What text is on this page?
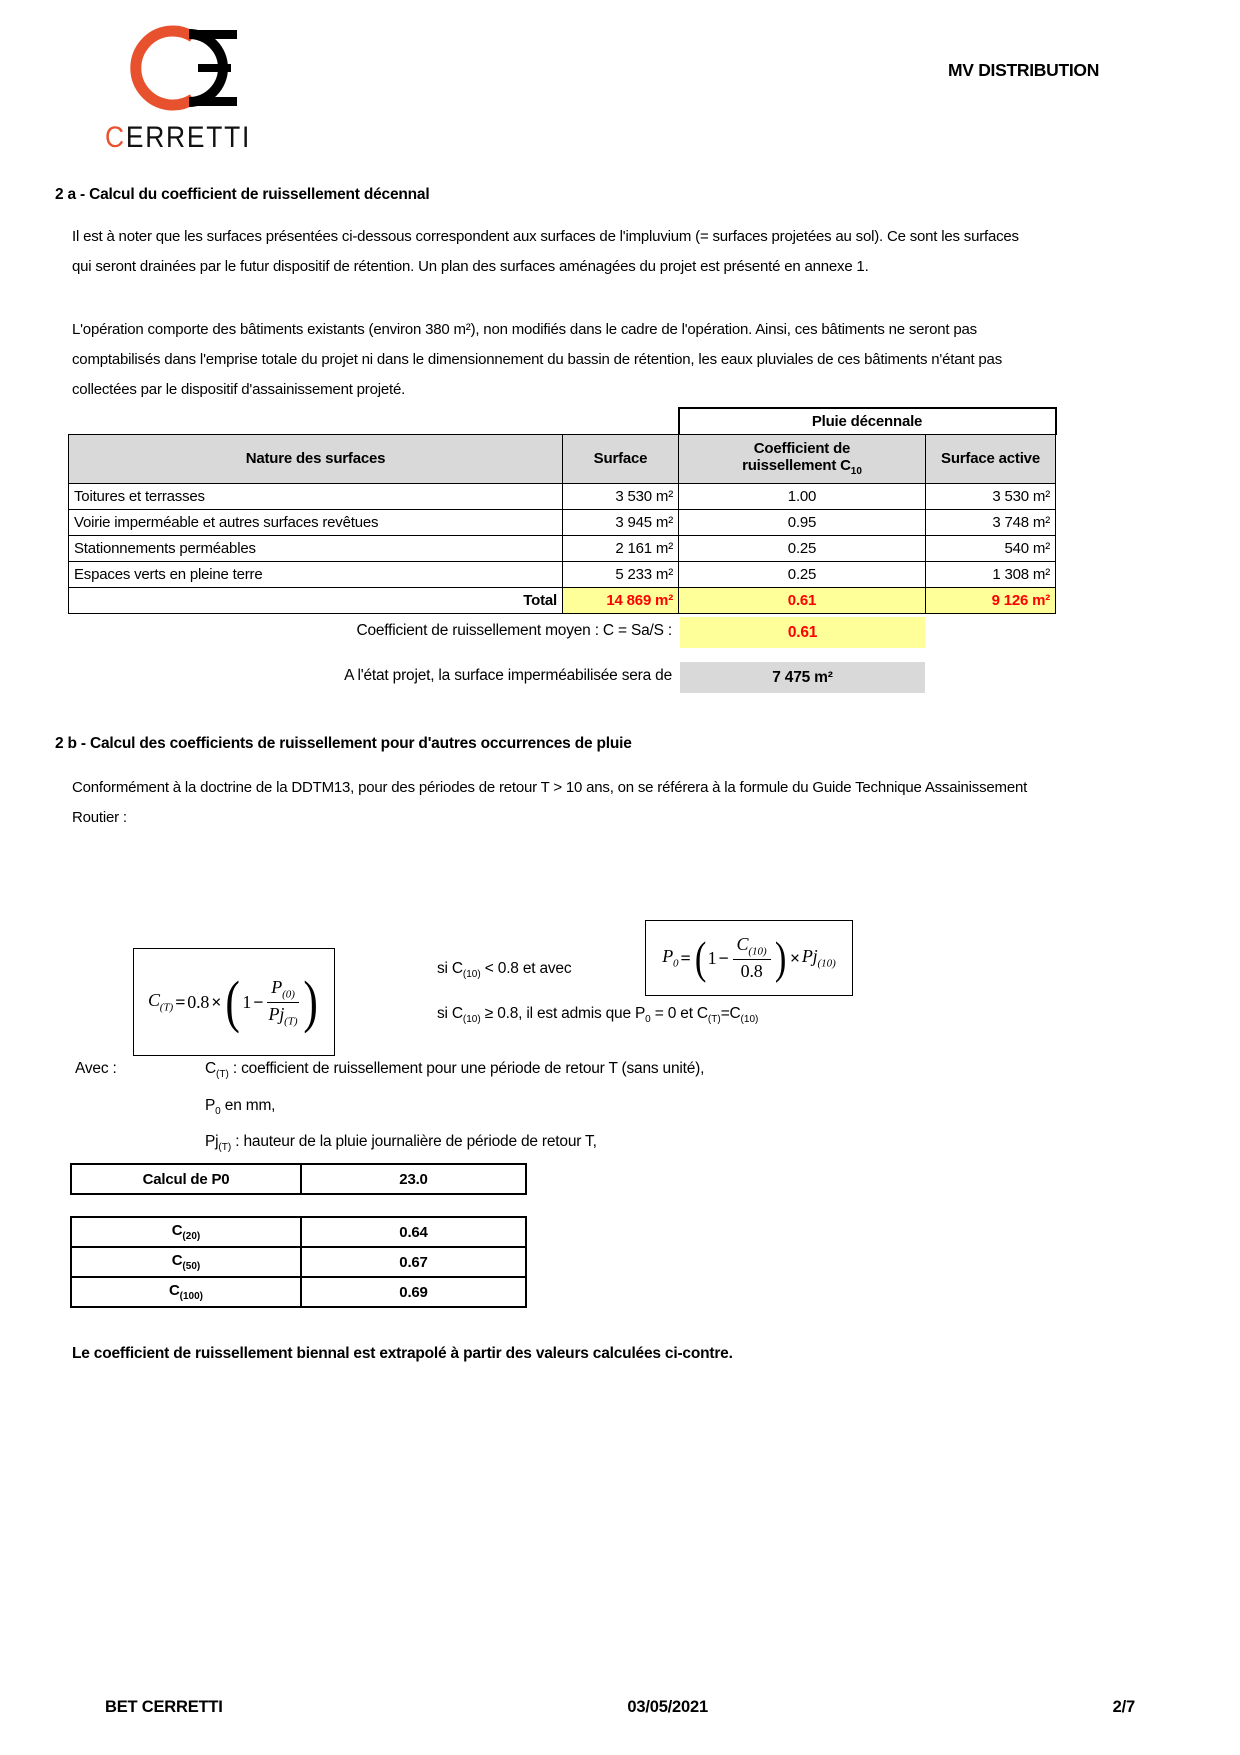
CERRETTI
MV DISTRIBUTION
2 a - Calcul du coefficient de ruissellement décennal
Il est à noter que les surfaces présentées ci-dessous correspondent aux surfaces de l'impluvium (= surfaces projetées au sol). Ce sont les surfaces qui seront drainées par le futur dispositif de rétention. Un plan des surfaces aménagées du projet est présenté en annexe 1.
L'opération comporte des bâtiments existants (environ 380 m²), non modifiés dans le cadre de l'opération. Ainsi, ces bâtiments ne seront pas comptabilisés dans l'emprise totale du projet ni dans le dimensionnement du bassin de rétention, les eaux pluviales de ces bâtiments n'étant pas collectées par le dispositif d'assainissement projeté.
		Pluie décennale	
Nature des surfaces	Surface	Coefficient de
ruissellement $C_{10}$	Surface active
Toitures et terrasses	3 530 m²	1.00	3 530 m²
Voirie imperméable et autres surfaces revêtues	3 945 m²	0.95	3 748 m²
Stationnements perméables	2 161 m²	0.25	540 m²
Espaces verts en pleine terre	5 233 m²	0.25	1 308 m²
Total	14 869 m²	0.61	9 126 m²
Coefficient de ruissellement moyen : C = Sa/S :	0.61
A l'état projet, la surface imperméabilisée sera de	7 475 m²
2 b - Calcul des coefficients de ruissellement pour d'autres occurrences de pluie
Conformément à la doctrine de la DDTM13, pour des périodes de retour T > 10 ans, on se référera à la formule du Guide Technique Assainissement Routier :
$C_{(T)} = 0.8$ × ( $1 - \frac{P_{(0)}}{Pj_{(T)}}$ )
si $C_{(10)} < 0.8$ et avec
$P_0$ = ( $1 - \frac{C_{(10)}}{0.8}$ ) × $Pj_{(10)}$
si $C_{(10)} \ge 0.8$, il est admis que $P_0 = 0$ et $C_{(T)}=C_{(10)}$
Avec :	$C_{(T)}$ : coefficient de ruissellement pour une période de retour T (sans unité),
$P_0$ en mm,
$Pj_{(T)}$ : hauteur de la pluie journalière de période de retour T,
Calcul de P0	23.0
$C_{(20)}$	0.64
$C_{(50)}$	0.67
$C_{(100)}$	0.69
Le coefficient de ruissellement biennal est extrapolé à partir des valeurs calculées ci-contre.
BET CERRETTI	03/05/2021	2/7
